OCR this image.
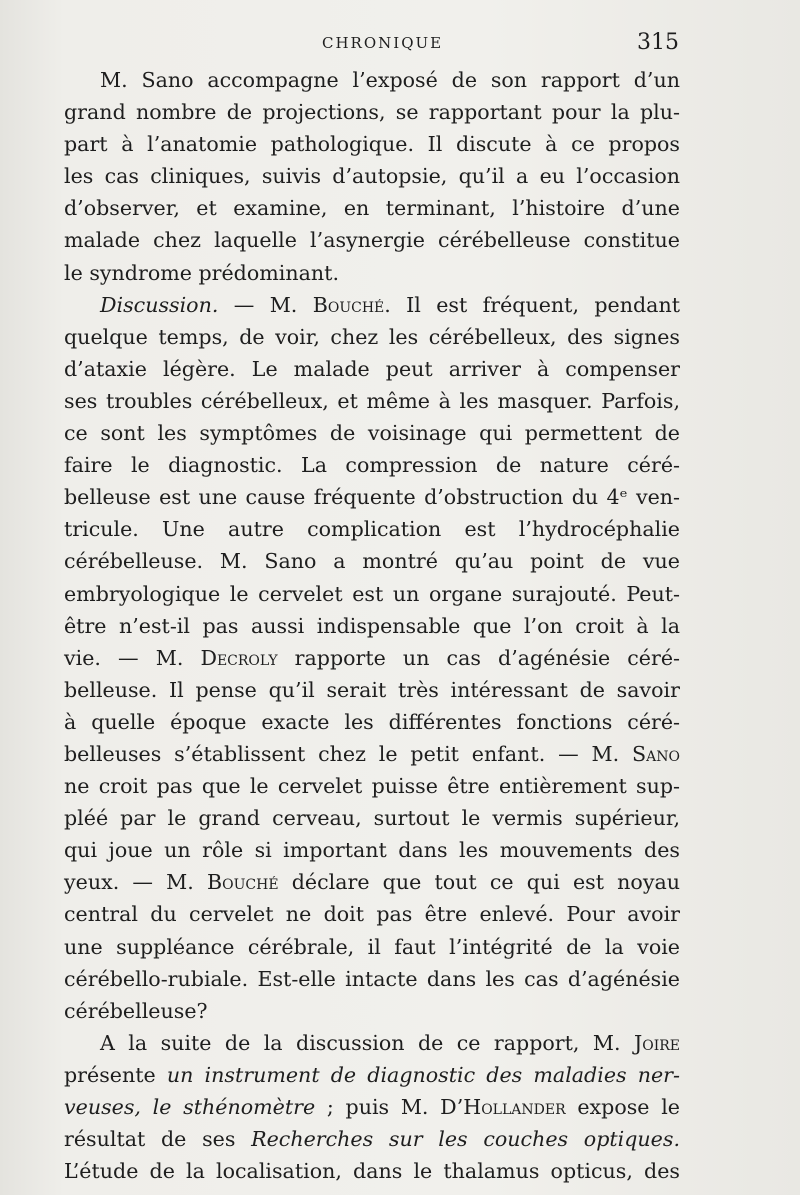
CHRONIQUE	315
M. Sano accompagne l’exposé de son rapport d’un
grand nombre de projections, se rapportant pour la plu-
part à l’anatomie pathologique. Il discute à ce propos
les cas cliniques, suivis d’autopsie, qu’il a eu l’occasion
d’observer, et examine, en terminant, l’histoire d’une
malade chez laquelle l’asynergie cérébelleuse constitue
le syndrome prédominant.
Discussion. — M. Bouché. Il est fréquent, pendant
quelque temps, de voir, chez les cérébelleux, des signes
d’ataxie légère. Le malade peut arriver à compenser
ses troubles cérébelleux, et même à les masquer. Parfois,
ce sont les symptômes de voisinage qui permettent de
faire le diagnostic. La compression de nature céré-
belleuse est une cause fréquente d’obstruction du 4ᵉ ven-
tricule. Une autre complication est l’hydrocéphalie
cérébelleuse. M. Sano a montré qu’au point de vue
embryologique le cervelet est un organe surajouté. Peut-
être n’est-il pas aussi indispensable que l’on croit à la
vie. — M. Decroly rapporte un cas d’agénésie céré-
belleuse. Il pense qu’il serait très intéressant de savoir
à quelle époque exacte les différentes fonctions céré-
belleuses s’établissent chez le petit enfant. — M. Sano
ne croit pas que le cervelet puisse être entièrement sup-
pléé par le grand cerveau, surtout le vermis supérieur,
qui joue un rôle si important dans les mouvements des
yeux. — M. Bouché déclare que tout ce qui est noyau
central du cervelet ne doit pas être enlevé. Pour avoir
une suppléance cérébrale, il faut l’intégrité de la voie
cérébello-rubiale. Est-elle intacte dans les cas d’agénésie
cérébelleuse?
A la suite de la discussion de ce rapport, M. Joire
présente un instrument de diagnostic des maladies ner-
veuses, le sthénomètre ; puis M. D’Hollander expose le
résultat de ses Recherches sur les couches optiques.
L’étude de la localisation, dans le thalamus opticus, des
